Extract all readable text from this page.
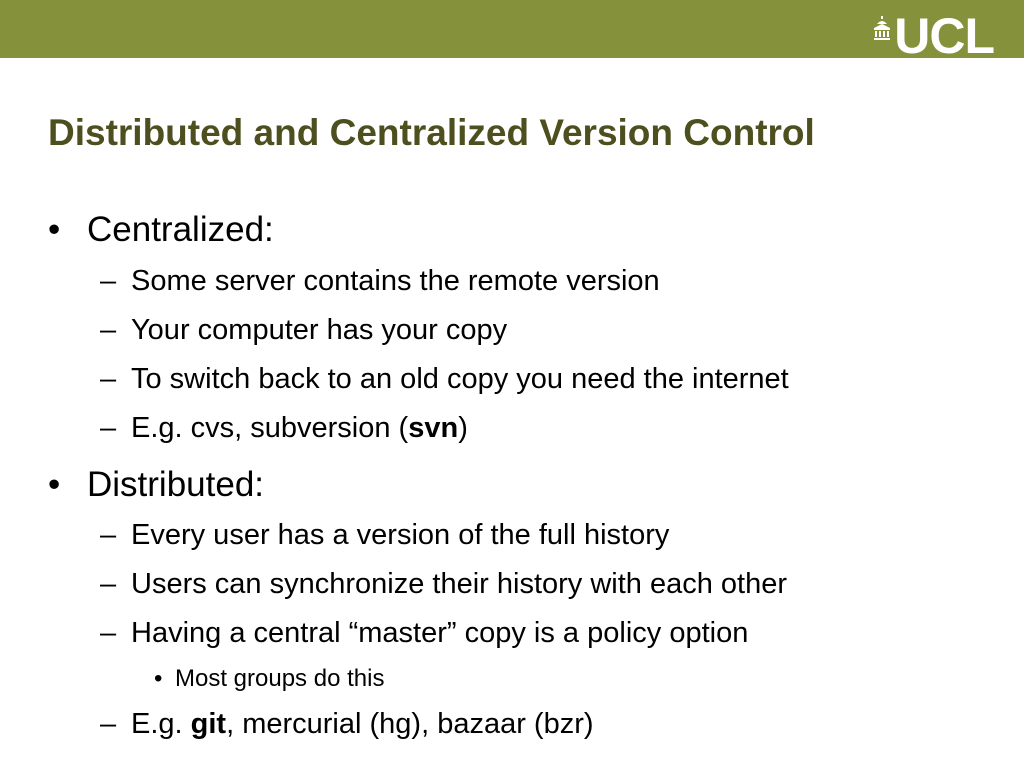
UCL
Distributed and Centralized Version Control
• Centralized:
– Some server contains the remote version
– Your computer has your copy
– To switch back to an old copy you need the internet
– E.g. cvs, subversion (svn)
• Distributed:
– Every user has a version of the full history
– Users can synchronize their history with each other
– Having a central “master” copy is a policy option
• Most groups do this
– E.g. git, mercurial (hg), bazaar (bzr)
